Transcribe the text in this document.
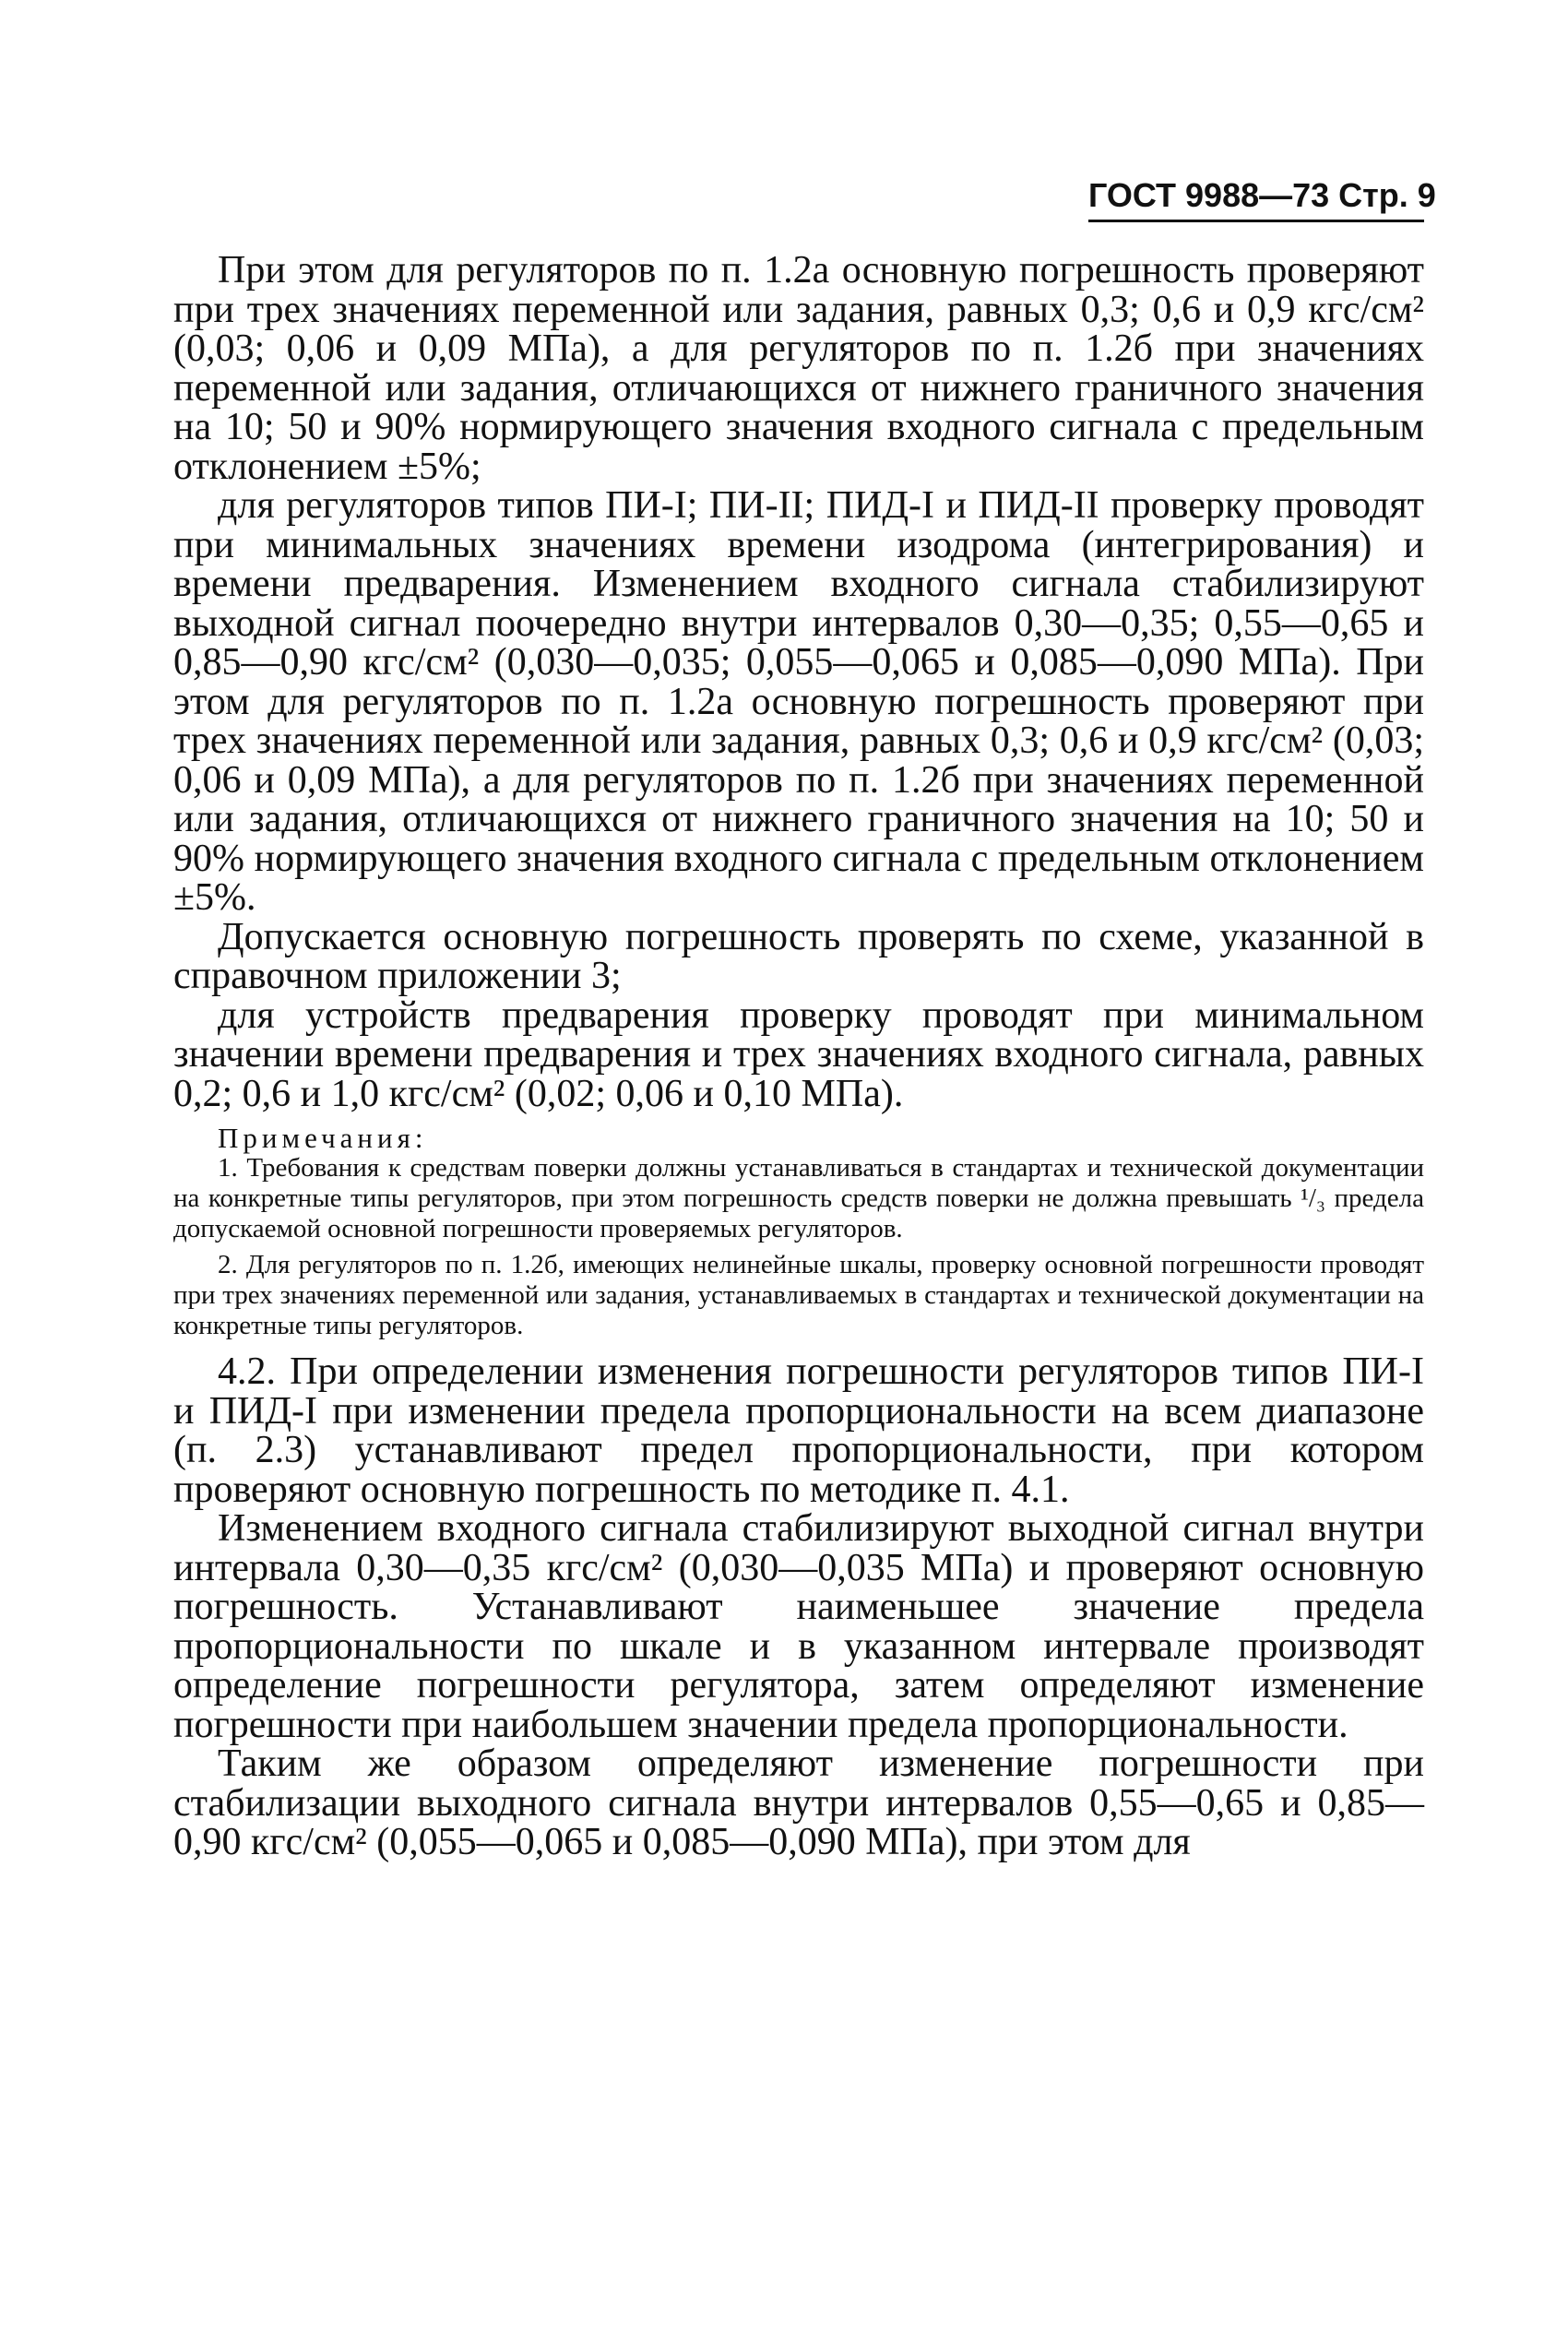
ГОСТ 9988—73 Стр. 9

При этом для регуляторов по п. 1.2а основную погрешность проверяют при трех значениях переменной или задания, равных 0,3; 0,6 и 0,9 кгс/см² (0,03; 0,06 и 0,09 МПа), а для регуляторов по п. 1.2б при значениях переменной или задания, отличающихся от нижнего граничного значения на 10; 50 и 90% нормирующего значения входного сигнала с предельным отклонением ±5%;

для регуляторов типов ПИ-I; ПИ-II; ПИД-I и ПИД-II проверку проводят при минимальных значениях времени изодрома (интегрирования) и времени предварения. Изменением входного сигнала стабилизируют выходной сигнал поочередно внутри интервалов 0,30—0,35; 0,55—0,65 и 0,85—0,90 кгс/см² (0,030—0,035; 0,055—0,065 и 0,085—0,090 МПа). При этом для регуляторов по п. 1.2а основную погрешность проверяют при трех значениях переменной или задания, равных 0,3; 0,6 и 0,9 кгс/см² (0,03; 0,06 и 0,09 МПа), а для регуляторов по п. 1.2б при значениях переменной или задания, отличающихся от нижнего граничного значения на 10; 50 и 90% нормирующего значения входного сигнала с предельным отклонением ±5%.

Допускается основную погрешность проверять по схеме, указанной в справочном приложении 3;

для устройств предварения проверку проводят при минимальном значении времени предварения и трех значениях входного сигнала, равных 0,2; 0,6 и 1,0 кгс/см² (0,02; 0,06 и 0,10 МПа).

Примечания:

1. Требования к средствам поверки должны устанавливаться в стандартах и технической документации на конкретные типы регуляторов, при этом погрешность средств поверки не должна превышать ¹/₃ предела допускаемой основной погрешности проверяемых регуляторов.

2. Для регуляторов по п. 1.2б, имеющих нелинейные шкалы, проверку основной погрешности проводят при трех значениях переменной или задания, устанавливаемых в стандартах и технической документации на конкретные типы регуляторов.

4.2. При определении изменения погрешности регуляторов типов ПИ-I и ПИД-I при изменении предела пропорциональности на всем диапазоне (п. 2.3) устанавливают предел пропорциональности, при котором проверяют основную погрешность по методике п. 4.1.

Изменением входного сигнала стабилизируют выходной сигнал внутри интервала 0,30—0,35 кгс/см² (0,030—0,035 МПа) и проверяют основную погрешность. Устанавливают наименьшее значение предела пропорциональности по шкале и в указанном интервале производят определение погрешности регулятора, затем определяют изменение погрешности при наибольшем значении предела пропорциональности.

Таким же образом определяют изменение погрешности при стабилизации выходного сигнала внутри интервалов 0,55—0,65 и 0,85—0,90 кгс/см² (0,055—0,065 и 0,085—0,090 МПа), при этом для
